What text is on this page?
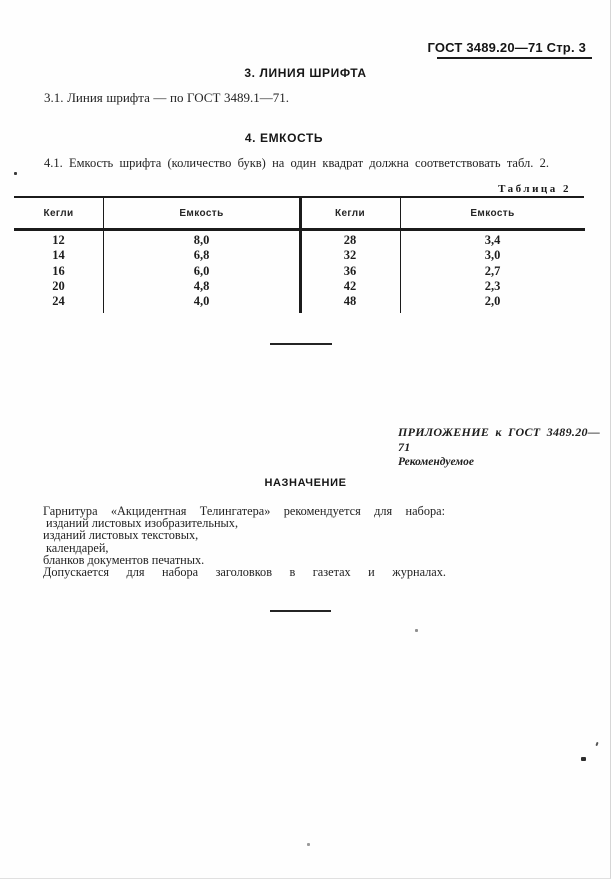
ГОСТ 3489.20—71 Стр. 3
3. ЛИНИЯ ШРИФТА
3.1. Линия шрифта — по ГОСТ 3489.1—71.
4. ЕМКОСТЬ
4.1. Емкость шрифта (количество букв) на один квадрат должна соответствовать табл. 2.
Таблица 2
Кегли	Емкость	Кегли	Емкость
12	8,0	28	3,4
14	6,8	32	3,0
16	6,0	36	2,7
20	4,8	42	2,3
24	4,0	48	2,0
ПРИЛОЖЕНИЕ к ГОСТ 3489.20—71
Рекомендуемое
НАЗНАЧЕНИЕ
Гарнитура «Акцидентная Телингатера» рекомендуется для набора:
изданий листовых изобразительных,
изданий листовых текстовых,
календарей,
бланков документов печатных.
Допускается для набора заголовков в газетах и журналах.
